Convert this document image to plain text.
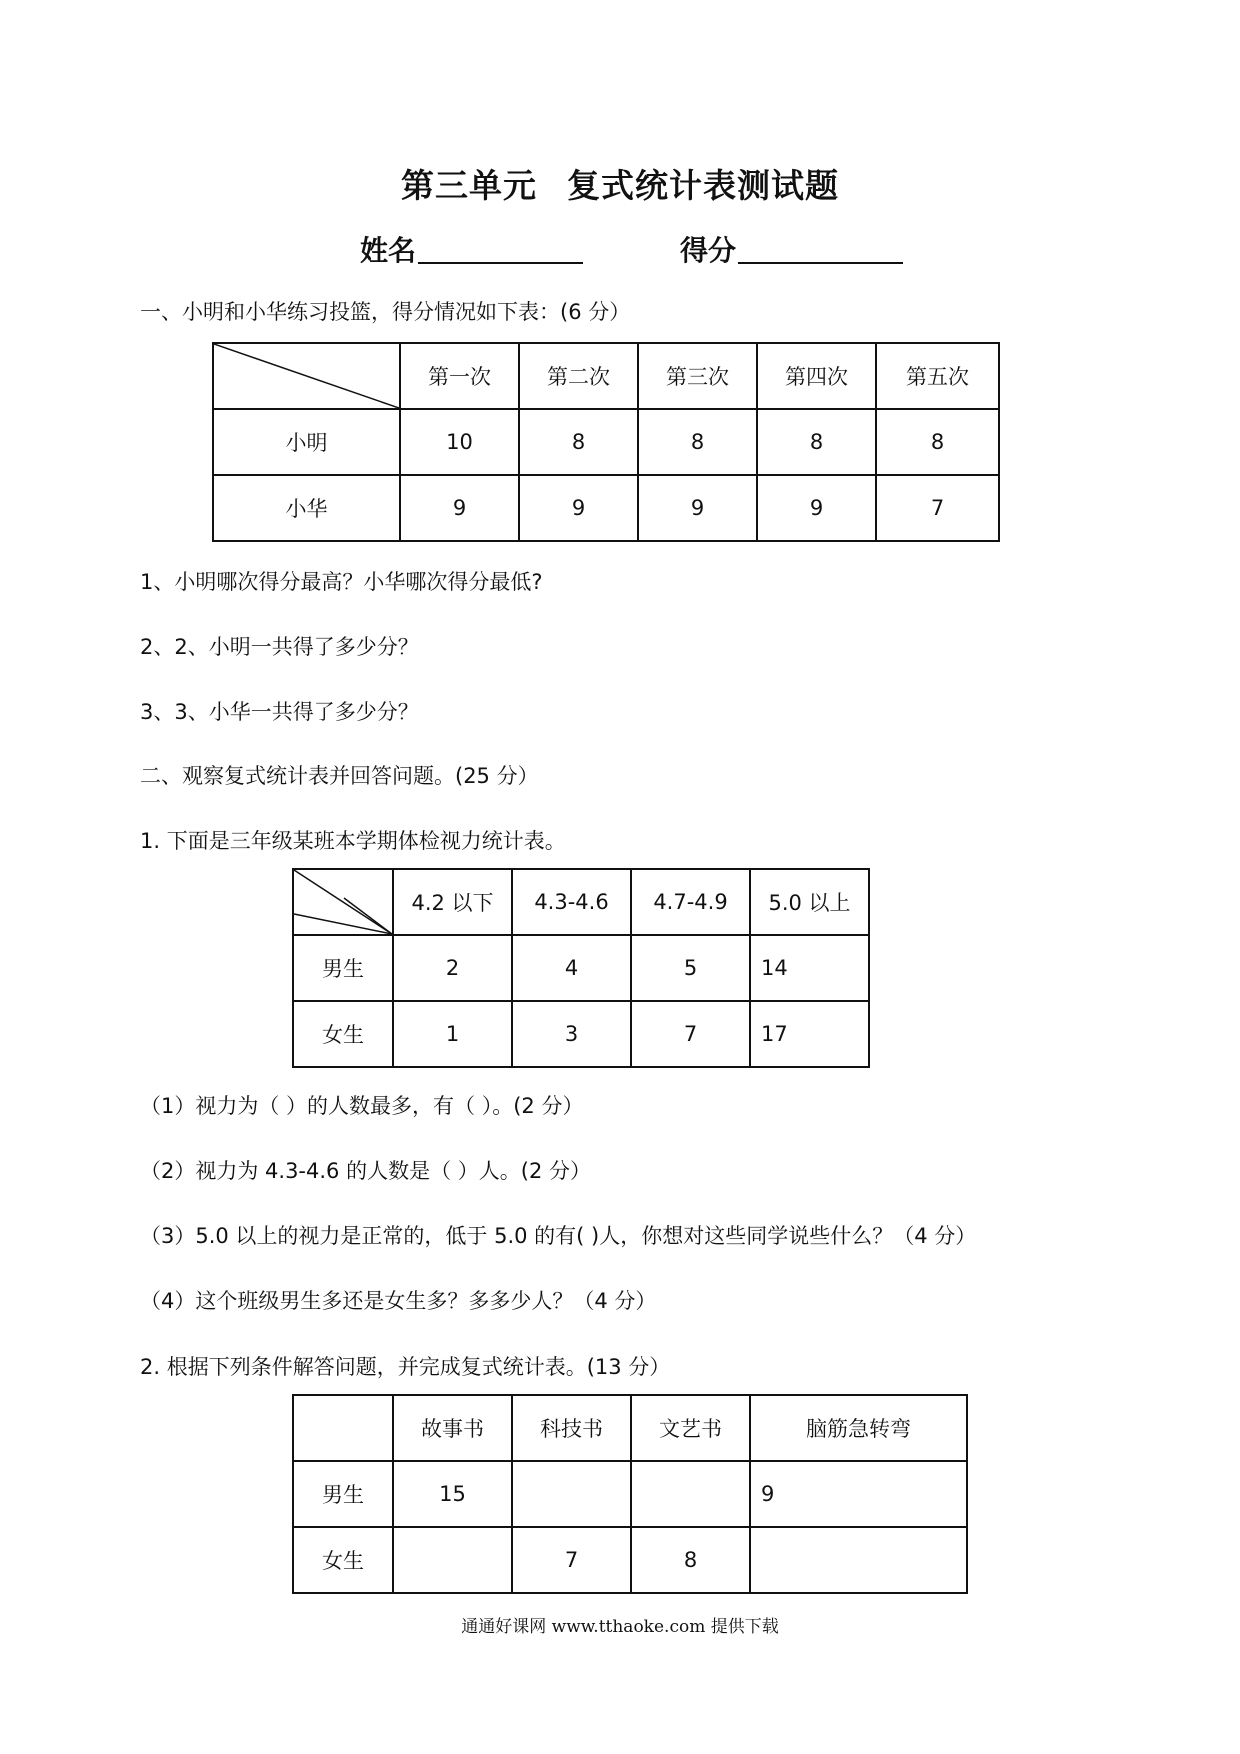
第三单元 复式统计表测试题
姓名	得分
一、小明和小华练习投篮，得分情况如下表：(6 分）
	第一次	第二次	第三次	第四次	第五次
小明	10	8	8	8	8
小华	9	9	9	9	7
1、小明哪次得分最高？小华哪次得分最低?
2、2、小明一共得了多少分？
3、3、小华一共得了多少分？
二、观察复式统计表并回答问题。(25 分）
1. 下面是三年级某班本学期体检视力统计表。
	4.2 以下	4.3-4.6	4.7-4.9	5.0 以上
男生	2	4	5	14
女生	1	3	7	17
（1）视力为（ ）的人数最多，有（ ）。(2 分）
（2）视力为 4.3-4.6 的人数是（ ）人。(2 分）
（3）5.0 以上的视力是正常的，低于 5.0 的有( )人，你想对这些同学说些什么？（4 分）
（4）这个班级男生多还是女生多？多多少人？（4 分）
2. 根据下列条件解答问题，并完成复式统计表。(13 分）
	故事书	科技书	文艺书	脑筋急转弯
男生	15			9
女生		7	8	
通通好课网 www.tthaoke.com 提供下载
